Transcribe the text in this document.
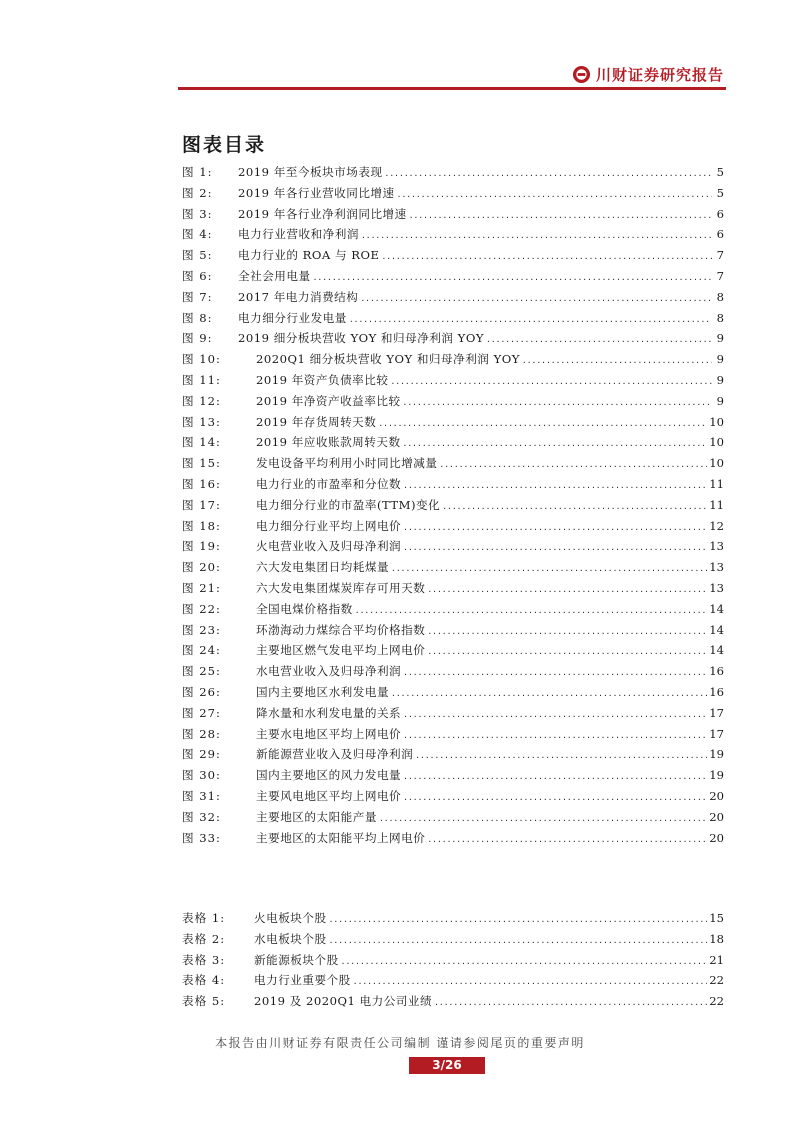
川财证券研究报告
图表目录
图 1:	2019 年至今板块市场表现 .....	5
图 2:	2019 年各行业营收同比增速 .....	5
图 3:	2019 年各行业净利润同比增速 .....	6
图 4:	电力行业营收和净利润 .....	6
图 5:	电力行业的 ROA 与 ROE .....	7
图 6:	全社会用电量 .....	7
图 7:	2017 年电力消费结构 .....	8
图 8:	电力细分行业发电量 .....	8
图 9:	2019 细分板块营收 YOY 和归母净利润 YOY .....	9
图 10:	2020Q1 细分板块营收 YOY 和归母净利润 YOY .....	9
图 11:	2019 年资产负债率比较 .....	9
图 12:	2019 年净资产收益率比较 .....	9
图 13:	2019 年存货周转天数 .....	10
图 14:	2019 年应收账款周转天数 .....	10
图 15:	发电设备平均利用小时同比增减量 .....	10
图 16:	电力行业的市盈率和分位数 .....	11
图 17:	电力细分行业的市盈率(TTM)变化 .....	11
图 18:	电力细分行业平均上网电价 .....	12
图 19:	火电营业收入及归母净利润 .....	13
图 20:	六大发电集团日均耗煤量 .....	13
图 21:	六大发电集团煤炭库存可用天数 .....	13
图 22:	全国电煤价格指数 .....	14
图 23:	环渤海动力煤综合平均价格指数 .....	14
图 24:	主要地区燃气发电平均上网电价 .....	14
图 25:	水电营业收入及归母净利润 .....	16
图 26:	国内主要地区水利发电量 .....	16
图 27:	降水量和水利发电量的关系 .....	17
图 28:	主要水电地区平均上网电价 .....	17
图 29:	新能源营业收入及归母净利润 .....	19
图 30:	国内主要地区的风力发电量 .....	19
图 31:	主要风电地区平均上网电价 .....	20
图 32:	主要地区的太阳能产量 .....	20
图 33:	主要地区的太阳能平均上网电价 .....	20
表格 1:	火电板块个股 .....	15
表格 2:	水电板块个股 .....	18
表格 3:	新能源板块个股 .....	21
表格 4:	电力行业重要个股 .....	22
表格 5:	2019 及 2020Q1 电力公司业绩 .....	22
本报告由川财证券有限责任公司编制 谨请参阅尾页的重要声明
3/26
